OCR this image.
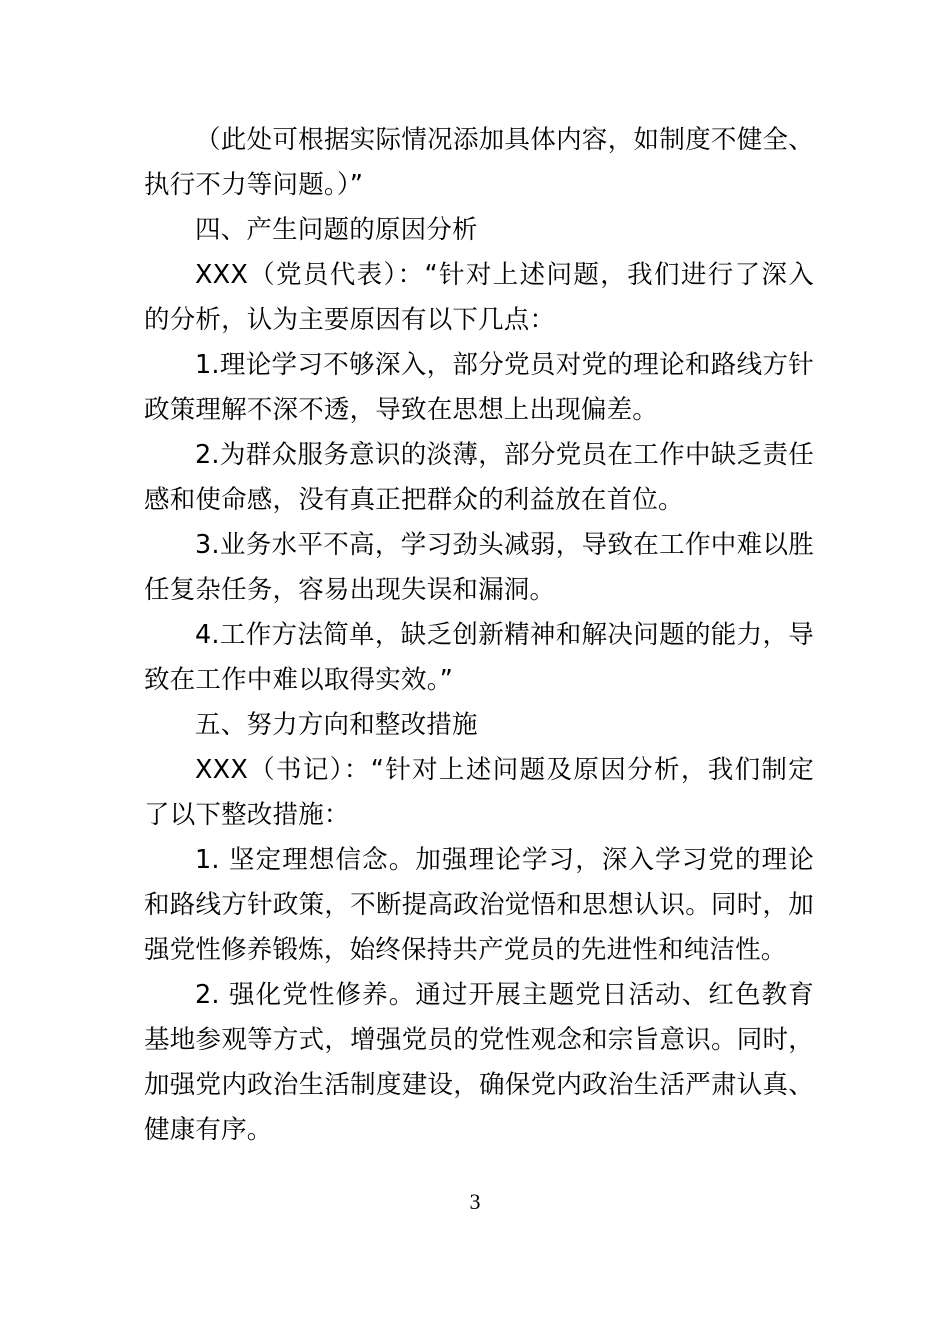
（此处可根据实际情况添加具体内容，如制度不健全、执行不力等问题。）”

四、产生问题的原因分析

XXX（党员代表）：“针对上述问题，我们进行了深入的分析，认为主要原因有以下几点：

1.理论学习不够深入，部分党员对党的理论和路线方针政策理解不深不透，导致在思想上出现偏差。

2.为群众服务意识的淡薄，部分党员在工作中缺乏责任感和使命感，没有真正把群众的利益放在首位。

3.业务水平不高，学习劲头减弱，导致在工作中难以胜任复杂任务，容易出现失误和漏洞。

4.工作方法简单，缺乏创新精神和解决问题的能力，导致在工作中难以取得实效。”

五、努力方向和整改措施

XXX（书记）：“针对上述问题及原因分析，我们制定了以下整改措施：

1. 坚定理想信念。加强理论学习，深入学习党的理论和路线方针政策，不断提高政治觉悟和思想认识。同时，加强党性修养锻炼，始终保持共产党员的先进性和纯洁性。

2. 强化党性修养。通过开展主题党日活动、红色教育基地参观等方式，增强党员的党性观念和宗旨意识。同时，加强党内政治生活制度建设，确保党内政治生活严肃认真、健康有序。

3
